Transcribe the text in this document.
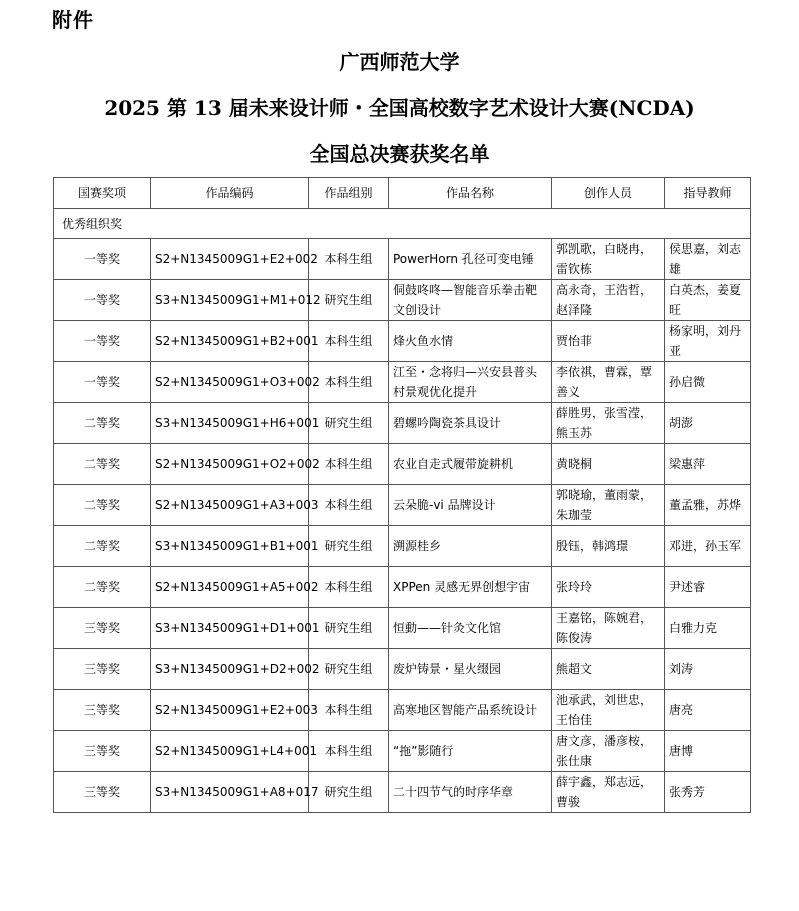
附件
广西师范大学
2025 第 13 届未来设计师・全国高校数字艺术设计大赛(NCDA)
全国总决赛获奖名单
国赛奖项	作品编码	作品组别	作品名称	创作人员	指导教师
优秀组织奖					
一等奖	S2+N1345009G1+E2+002	本科生组	PowerHorn 孔径可变电锤	郭凯歌，白晓冉，雷钦栋	侯思嘉，刘志雄
一等奖	S3+N1345009G1+M1+012	研究生组	侗鼓咚咚—智能音乐拳击靶文创设计	高永奇，王浩哲，赵泽隆	白英杰，姜夏旺
一等奖	S2+N1345009G1+B2+001	本科生组	烽火鱼水情	贾怡菲	杨家明，刘丹亚
一等奖	S2+N1345009G1+O3+002	本科生组	江至・念将归—兴安县普头村景观优化提升	李依祺，曹霖，覃善义	孙启微
二等奖	S3+N1345009G1+H6+001	研究生组	碧螺吟陶瓷茶具设计	薛胜男，张雪滢，熊玉苏	胡澎
二等奖	S2+N1345009G1+O2+002	本科生组	农业自走式履带旋耕机	黄晓桐	梁惠萍
二等奖	S2+N1345009G1+A3+003	本科生组	云朵脆-vi 品牌设计	郭晓瑜，董雨蒙，朱珈莹	董孟雅，苏烨
二等奖	S3+N1345009G1+B1+001	研究生组	溯源桂乡	殷钰，韩鸿璟	邓进，孙玉军
二等奖	S2+N1345009G1+A5+002	本科生组	XPPen 灵感无界创想宇宙	张玲玲	尹述睿
三等奖	S3+N1345009G1+D1+001	研究生组	恒動——针灸文化馆	王嘉铭，陈婉君，陈俊涛	白雅力克
三等奖	S3+N1345009G1+D2+002	研究生组	废炉铸景・星火缀园	熊超文	刘涛
三等奖	S2+N1345009G1+E2+003	本科生组	高寒地区智能产品系统设计	池承武，刘世忠，王怡佳	唐亮
三等奖	S2+N1345009G1+L4+001	本科生组	“拖”影随行	唐文彦，潘彦桉，张仕康	唐博
三等奖	S3+N1345009G1+A8+017	研究生组	二十四节气的时序华章	薛宇鑫，郑志远，曹骏	张秀芳
